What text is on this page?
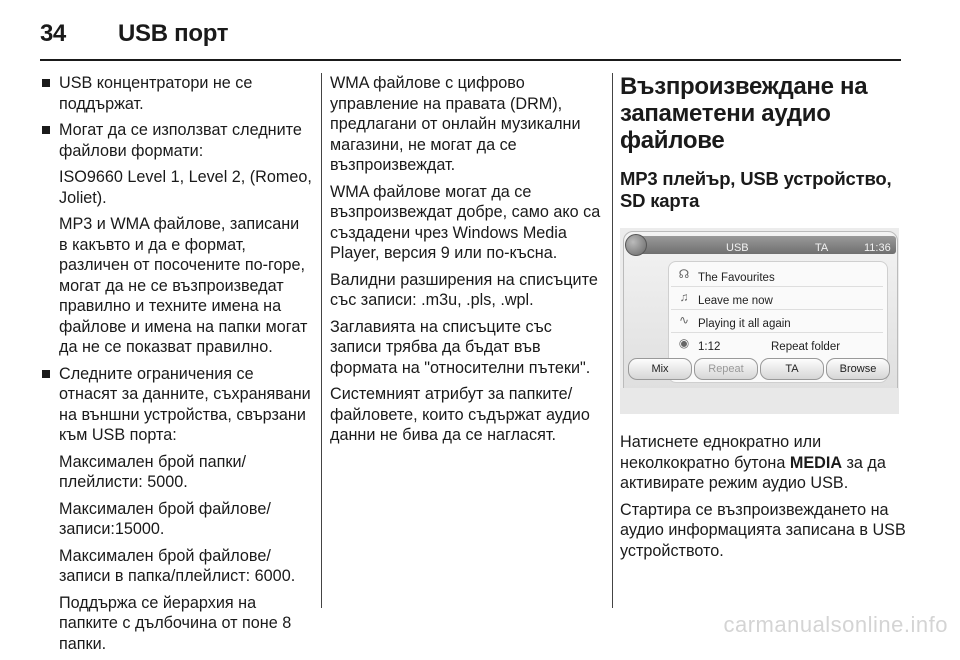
34 USB порт
USB концентратори не се поддържат.

Могат да се използват следните файлови формати:

ISO9660 Level 1, Level 2, (Romeo, Joliet).

MP3 и WMA файлове, записани в какъвто и да е формат, различен от посочените по-горе, могат да не се възпроизведат правилно и техните имена на файлове и имена на папки могат да не се показват правилно.

Следните ограничения се отнасят за данните, съхранявани на външни устройства, свързани към USB порта:

Максимален брой папки/ плейлисти: 5000.

Максимален брой файлове/ записи:15000.

Максимален брой файлове/ записи в папка/плейлист: 6000.

Поддържа се йерархия на папките с дълбочина от поне 8 папки.

WMA файлове с цифрово управление на правата (DRM), предлагани от онлайн музикални магазини, не могат да се възпроизвеждат.

WMA файлове могат да се възпроизвеждат добре, само ако са създадени чрез Windows Media Player, версия 9 или по-късна.

Валидни разширения на списъците със записи: .m3u, .pls, .wpl.

Заглавията на списъците със записи трябва да бъдат във формата на "относителни пътеки".

Системният атрибут за папките/ файловете, които съдържат аудио данни не бива да се нагласят.

Възпроизвеждане на запаметени аудио файлове
MP3 плейър, USB устройство, SD карта
USB	TA	11:36
☊ The Favourites
♫ Leave me now
∿ Playing it all again
◉ 1:12	Repeat folder
Mix	Repeat	TA	Browse

Натиснете еднократно или неколкократно бутона MEDIA за да активирате режим аудио USB.

Стартира се възпроизвеждането на аудио информацията записана в USB устройството.

carmanualsonline.info
